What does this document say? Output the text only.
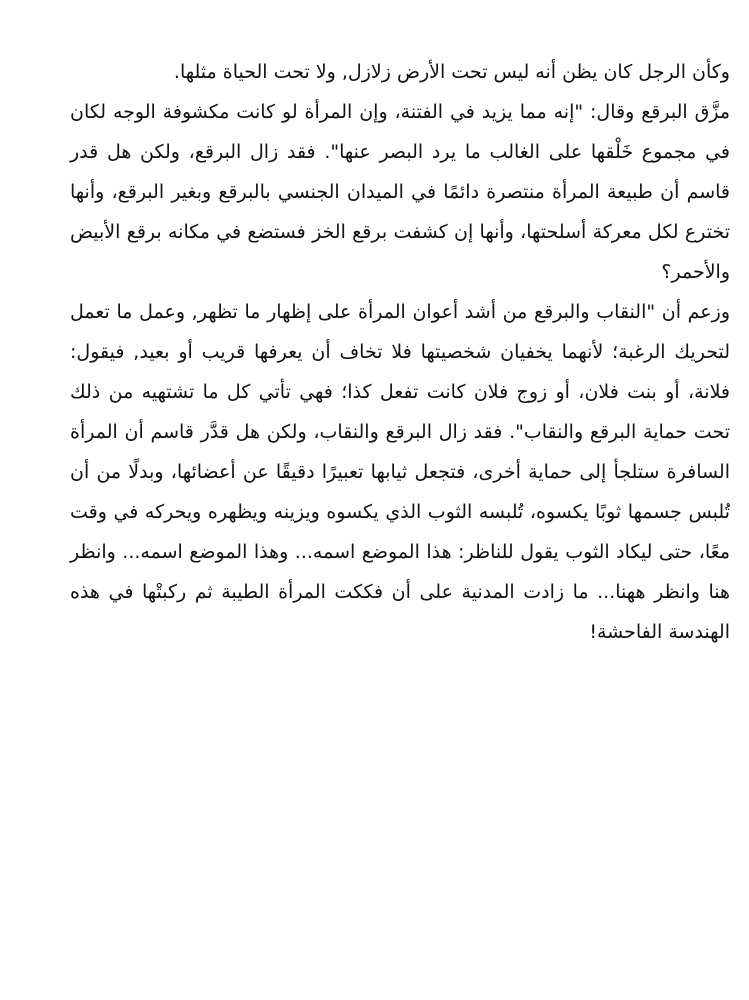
وكأن الرجل كان يظن أنه ليس تحت الأرض زلازل, ولا تحت الحياة مثلها.

مزَّق البرقع وقال: "إنه مما يزيد في الفتنة، وإن المرأة لو كانت مكشوفة الوجه لكان في مجموع خَلْقها على الغالب ما يرد البصر عنها". فقد زال البرقع، ولكن هل قدر قاسم أن طبيعة المرأة منتصرة دائمًا في الميدان الجنسي بالبرقع وبغير البرقع، وأنها تخترع لكل معركة أسلحتها، وأنها إن كشفت برقع الخز فستضع في مكانه برقع الأبيض والأحمر؟

وزعم أن "النقاب والبرقع من أشد أعوان المرأة على إظهار ما تظهر, وعمل ما تعمل لتحريك الرغبة؛ لأنهما يخفيان شخصيتها فلا تخاف أن يعرفها قريب أو بعيد, فيقول: فلانة، أو بنت فلان، أو زوج فلان كانت تفعل كذا؛ فهي تأتي كل ما تشتهيه من ذلك تحت حماية البرقع والنقاب". فقد زال البرقع والنقاب، ولكن هل قدَّر قاسم أن المرأة السافرة ستلجأ إلى حماية أخرى، فتجعل ثيابها تعبيرًا دقيقًا عن أعضائها، وبدلًا من أن تُلبس جسمها ثوبًا يكسوه، تُلبسه الثوب الذي يكسوه ويزينه ويظهره ويحركه في وقت معًا، حتى ليكاد الثوب يقول للناظر: هذا الموضع اسمه... وهذا الموضع اسمه... وانظر هنا وانظر ههنا... ما زادت المدنية على أن فككت المرأة الطيبة ثم ركبتْها في هذه الهندسة الفاحشة!
